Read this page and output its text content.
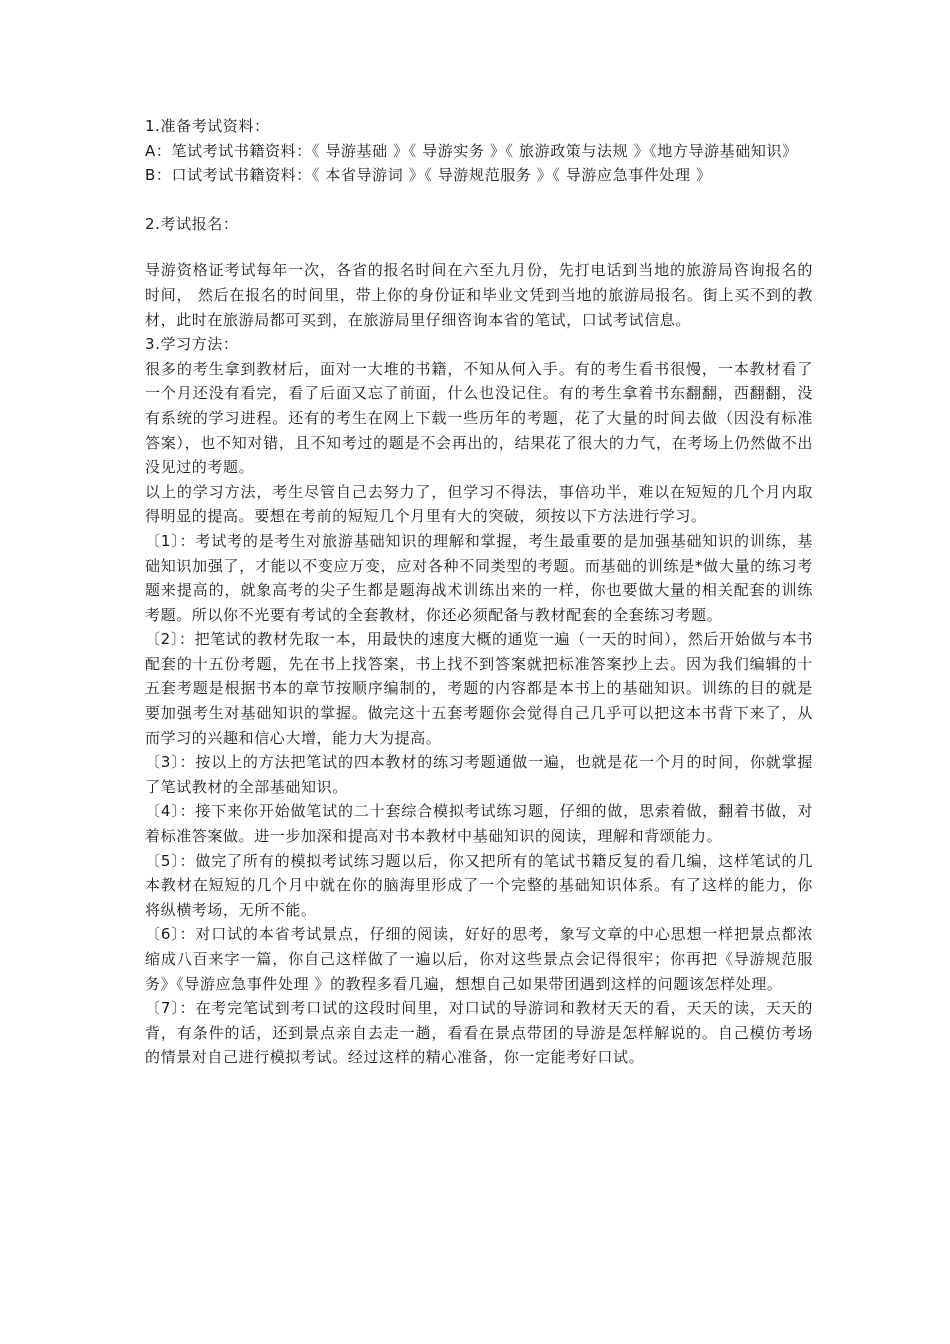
1.准备考试资料：

A：笔试考试书籍资料：《 导游基础 》《 导游实务 》《 旅游政策与法规 》《地方导游基础知识》

B：口试考试书籍资料：《 本省导游词 》《 导游规范服务 》《 导游应急事件处理 》

2.考试报名：

导游资格证考试每年一次，各省的报名时间在六至九月份，先打电话到当地的旅游局咨询报名的时间， 然后在报名的时间里，带上你的身份证和毕业文凭到当地的旅游局报名。街上买不到的教材，此时在旅游局都可买到，在旅游局里仔细咨询本省的笔试，口试考试信息。

3.学习方法：

很多的考生拿到教材后，面对一大堆的书籍，不知从何入手。有的考生看书很慢，一本教材看了一个月还没有看完，看了后面又忘了前面，什么也没记住。有的考生拿着书东翻翻，西翻翻，没有系统的学习进程。还有的考生在网上下载一些历年的考题，花了大量的时间去做（因没有标准答案），也不知对错，且不知考过的题是不会再出的，结果花了很大的力气，在考场上仍然做不出没见过的考题。

以上的学习方法，考生尽管自己去努力了，但学习不得法，事倍功半，难以在短短的几个月内取得明显的提高。要想在考前的短短几个月里有大的突破，须按以下方法进行学习。

〔1〕：考试考的是考生对旅游基础知识的理解和掌握，考生最重要的是加强基础知识的训练，基础知识加强了，才能以不变应万变，应对各种不同类型的考题。而基础的训练是*做大量的练习考题来提高的，就象高考的尖子生都是题海战术训练出来的一样，你也要做大量的相关配套的训练考题。所以你不光要有考试的全套教材，你还必须配备与教材配套的全套练习考题。

〔2〕：把笔试的教材先取一本，用最快的速度大概的通览一遍（一天的时间），然后开始做与本书配套的十五份考题，先在书上找答案，书上找不到答案就把标准答案抄上去。因为我们编辑的十五套考题是根据书本的章节按顺序编制的，考题的内容都是本书上的基础知识。训练的目的就是要加强考生对基础知识的掌握。做完这十五套考题你会觉得自己几乎可以把这本书背下来了，从而学习的兴趣和信心大增，能力大为提高。

〔3〕：按以上的方法把笔试的四本教材的练习考题通做一遍，也就是花一个月的时间，你就掌握了笔试教材的全部基础知识。

〔4〕：接下来你开始做笔试的二十套综合模拟考试练习题，仔细的做，思索着做，翻着书做，对着标准答案做。进一步加深和提高对书本教材中基础知识的阅读，理解和背颂能力。

〔5〕：做完了所有的模拟考试练习题以后，你又把所有的笔试书籍反复的看几编，这样笔试的几本教材在短短的几个月中就在你的脑海里形成了一个完整的基础知识体系。有了这样的能力，你将纵横考场，无所不能。

〔6〕：对口试的本省考试景点，仔细的阅读，好好的思考，象写文章的中心思想一样把景点都浓缩成八百来字一篇，你自己这样做了一遍以后，你对这些景点会记得很牢；你再把《导游规范服务》《导游应急事件处理 》的教程多看几遍，想想自己如果带团遇到这样的问题该怎样处理。

〔7〕：在考完笔试到考口试的这段时间里，对口试的导游词和教材天天的看，天天的读，天天的背，有条件的话，还到景点亲自去走一趟，看看在景点带团的导游是怎样解说的。自己模仿考场的情景对自己进行模拟考试。经过这样的精心准备，你一定能考好口试。
